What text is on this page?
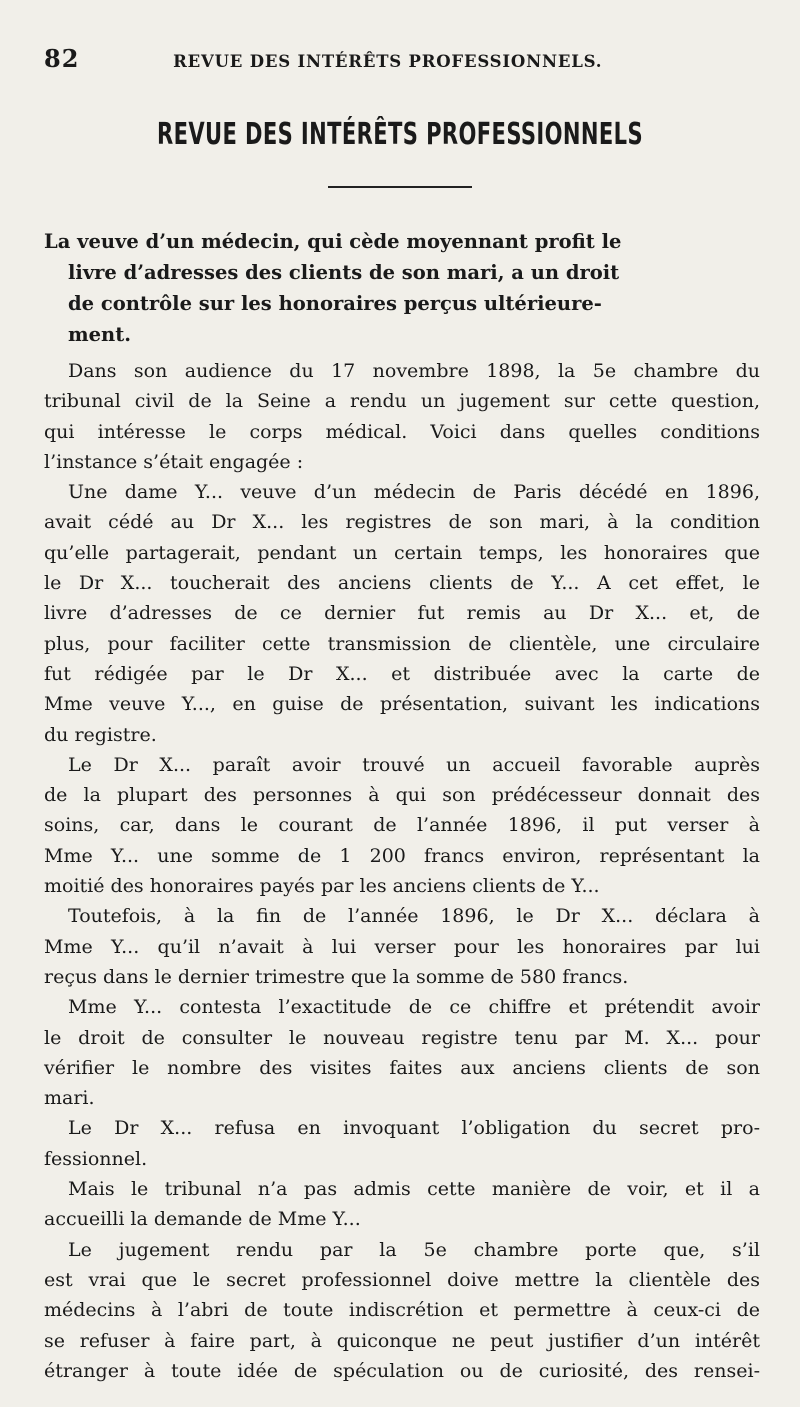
82	REVUE DES INTÉRÊTS PROFESSIONNELS.
REVUE DES INTÉRÊTS PROFESSIONNELS
La veuve d’un médecin, qui cède moyennant profit le
livre d’adresses des clients de son mari, a un droit
de contrôle sur les honoraires perçus ultérieure-
ment.
Dans son audience du 17 novembre 1898, la 5e chambre du
tribunal civil de la Seine a rendu un jugement sur cette question,
qui intéresse le corps médical. Voici dans quelles conditions
l’instance s’était engagée :
Une dame Y... veuve d’un médecin de Paris décédé en 1896,
avait cédé au Dr X... les registres de son mari, à la condition
qu’elle partagerait, pendant un certain temps, les honoraires que
le Dr X... toucherait des anciens clients de Y... A cet effet, le
livre d’adresses de ce dernier fut remis au Dr X... et, de
plus, pour faciliter cette transmission de clientèle, une circulaire
fut rédigée par le Dr X... et distribuée avec la carte de
Mme veuve Y..., en guise de présentation, suivant les indications
du registre.
Le Dr X... paraît avoir trouvé un accueil favorable auprès
de la plupart des personnes à qui son prédécesseur donnait des
soins, car, dans le courant de l’année 1896, il put verser à
Mme Y... une somme de 1 200 francs environ, représentant la
moitié des honoraires payés par les anciens clients de Y...
Toutefois, à la fin de l’année 1896, le Dr X... déclara à
Mme Y... qu’il n’avait à lui verser pour les honoraires par lui
reçus dans le dernier trimestre que la somme de 580 francs.
Mme Y... contesta l’exactitude de ce chiffre et prétendit avoir
le droit de consulter le nouveau registre tenu par M. X... pour
vérifier le nombre des visites faites aux anciens clients de son
mari.
Le Dr X... refusa en invoquant l’obligation du secret pro-
fessionnel.
Mais le tribunal n’a pas admis cette manière de voir, et il a
accueilli la demande de Mme Y...
Le jugement rendu par la 5e chambre porte que, s’il
est vrai que le secret professionnel doive mettre la clientèle des
médecins à l’abri de toute indiscrétion et permettre à ceux-ci de
se refuser à faire part, à quiconque ne peut justifier d’un intérêt
étranger à toute idée de spéculation ou de curiosité, des rensei-
